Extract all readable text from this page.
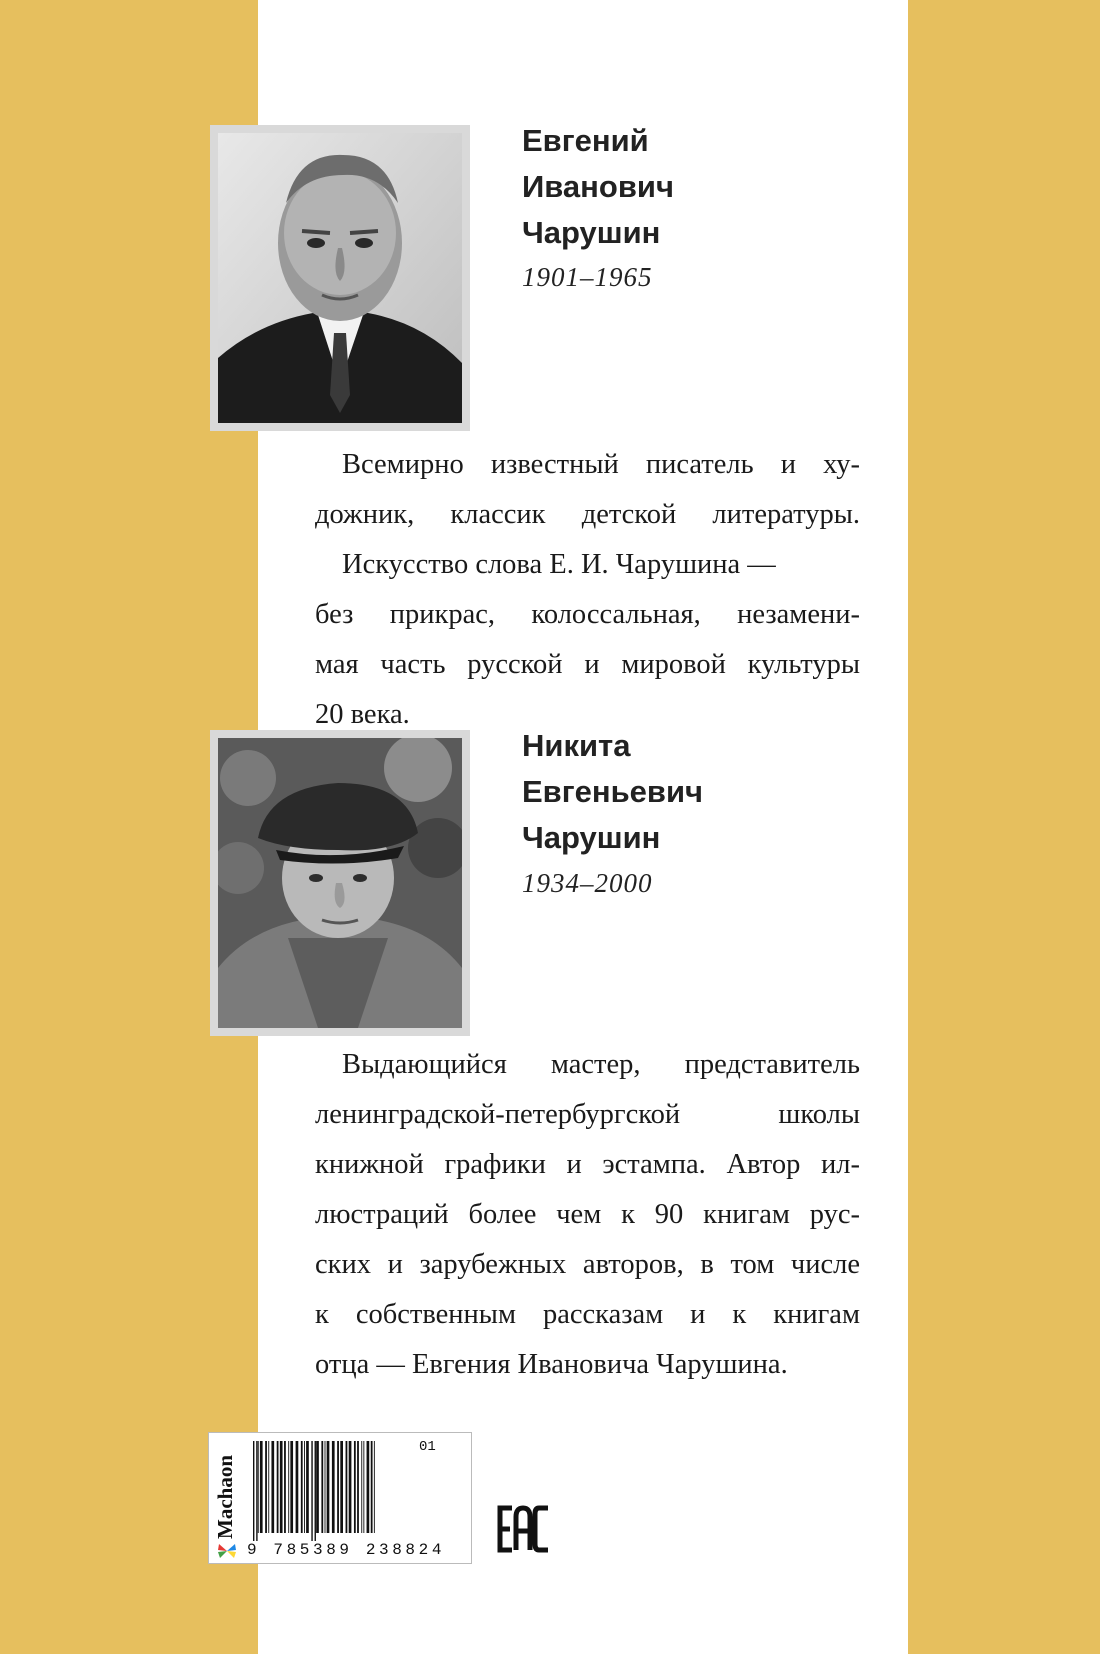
Евгений
Иванович
Чарушин

1901–1965

Всемирно известный писатель и ху-

дожник, классик детской литературы.

Искусство слова Е. И. Чарушина —

без прикрас, колоссальная, незамени-

мая часть русской и мировой культуры

20 века.

Никита
Евгеньевич
Чарушин

1934–2000

Выдающийся мастер, представитель

ленинградской-петербургской школы

книжной графики и эстампа. Автор ил-

люстраций более чем к 90 книгам рус-

ских и зарубежных авторов, в том числе

к собственным рассказам и к книгам

отца — Евгения Ивановича Чарушина.

Machaon
01
9 785389 238824
EAC
